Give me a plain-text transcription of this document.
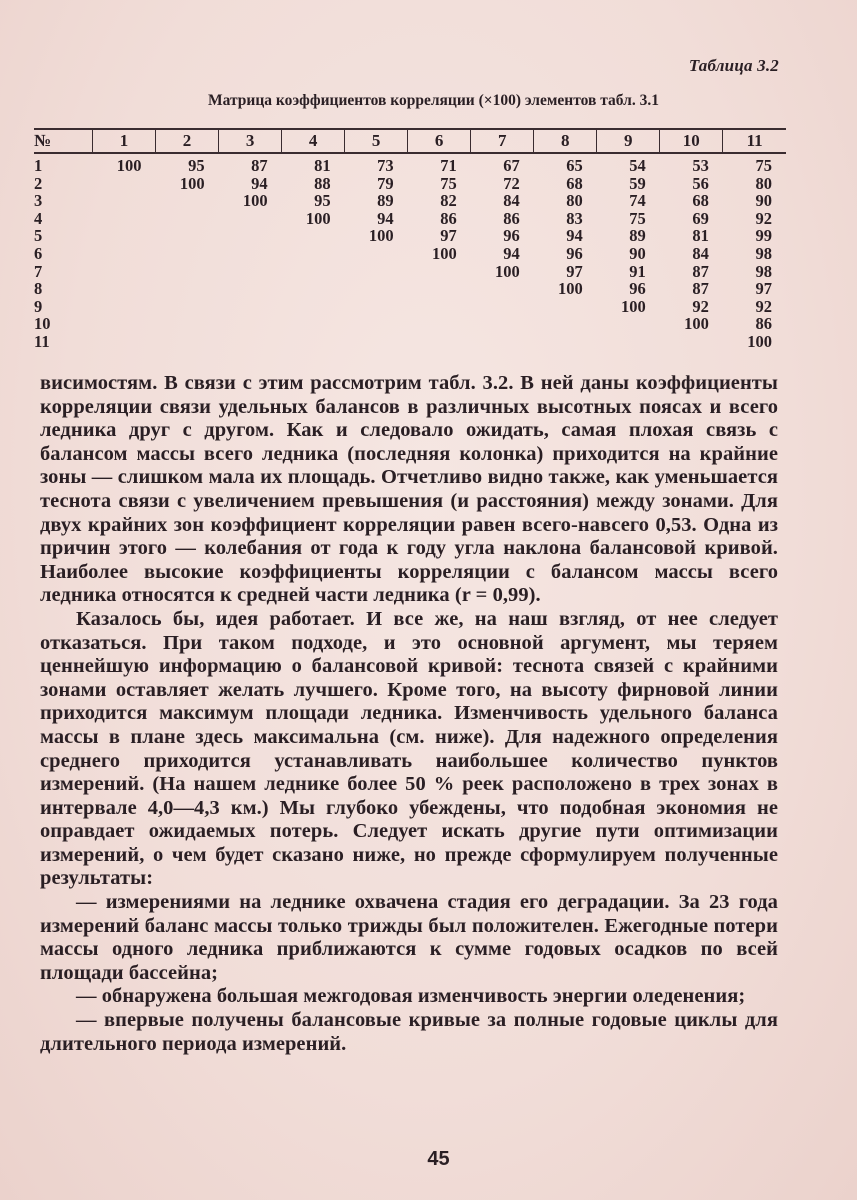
Таблица 3.2
Матрица коэффициентов корреляции (×100) элементов табл. 3.1
№	1	2	3	4	5	6	7	8	9	10	11
1	100	95	87	81	73	71	67	65	54	53	75
2		100	94	88	79	75	72	68	59	56	80
3			100	95	89	82	84	80	74	68	90
4				100	94	86	86	83	75	69	92
5					100	97	96	94	89	81	99
6						100	94	96	90	84	98
7							100	97	91	87	98
8								100	96	87	97
9									100	92	92
10										100	86
11											100

висимостям. В связи с этим рассмотрим табл. 3.2. В ней даны коэффициенты корреляции связи удельных балансов в различных высотных поясах и всего ледника друг с другом. Как и следовало ожидать, самая плохая связь с балансом массы всего ледника (последняя колонка) приходится на крайние зоны — слишком мала их площадь. Отчетливо видно также, как уменьшается теснота связи с увеличением превышения (и расстояния) между зонами. Для двух крайних зон коэффициент корреляции равен всего-навсего 0,53. Одна из причин этого — колебания от года к году угла наклона балансовой кривой. Наиболее высокие коэффициенты корреляции с балансом массы всего ледника относятся к средней части ледника (r = 0,99).

Казалось бы, идея работает. И все же, на наш взгляд, от нее следует отказаться. При таком подходе, и это основной аргумент, мы теряем ценнейшую информацию о балансовой кривой: теснота связей с крайними зонами оставляет желать лучшего. Кроме того, на высоту фирновой линии приходится максимум площади ледника. Изменчивость удельного баланса массы в плане здесь максимальна (см. ниже). Для надежного определения среднего приходится устанавливать наибольшее количество пунктов измерений. (На нашем леднике более 50 % реек расположено в трех зонах в интервале 4,0—4,3 км.) Мы глубоко убеждены, что подобная экономия не оправдает ожидаемых потерь. Следует искать другие пути оптимизации измерений, о чем будет сказано ниже, но прежде сформулируем полученные результаты:

— измерениями на леднике охвачена стадия его деградации. За 23 года измерений баланс массы только трижды был положителен. Ежегодные потери массы одного ледника приближаются к сумме годовых осадков по всей площади бассейна;

— обнаружена большая межгодовая изменчивость энергии оледенения;

— впервые получены балансовые кривые за полные годовые циклы для длительного периода измерений.

45
